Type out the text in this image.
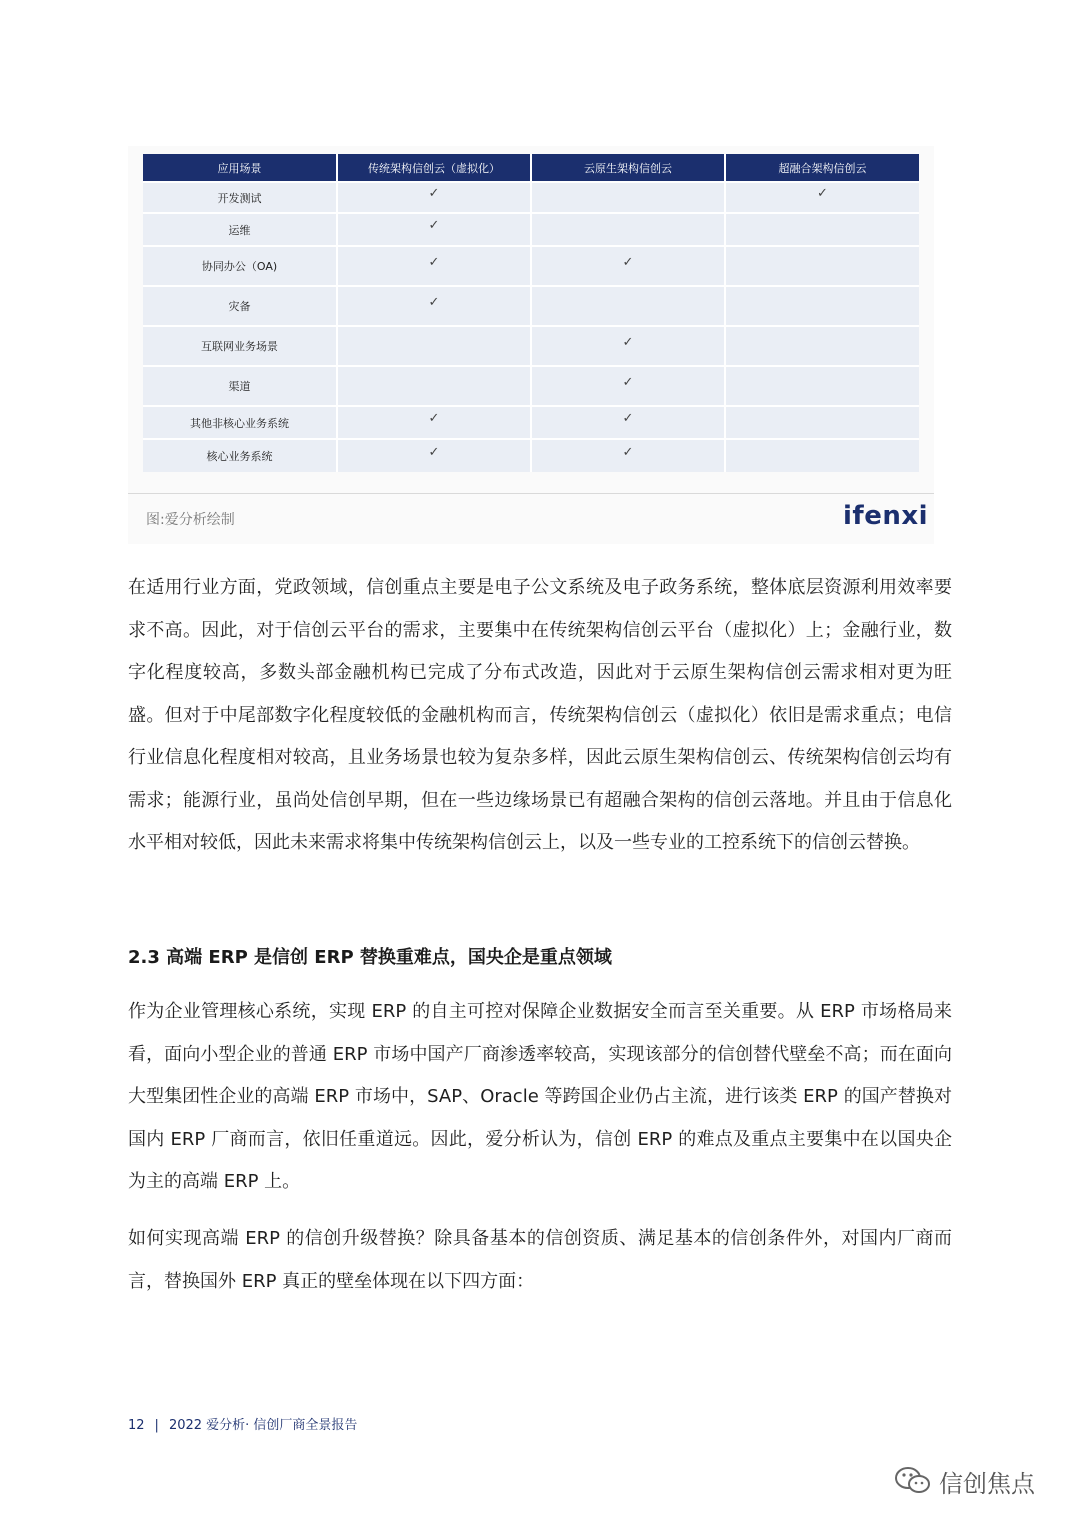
应用场景	传统架构信创云（虚拟化）	云原生架构信创云	超融合架构信创云
开发测试	✓		✓
运维	✓		
协同办公（OA)	✓	✓	
灾备	✓		
互联网业务场景		✓	
渠道		✓	
其他非核心业务系统	✓	✓	
核心业务系统	✓	✓	
图:爱分析绘制	ifenxi

在适用行业方面，党政领域，信创重点主要是电子公文系统及电子政务系统，整体底层资源利用效率要求不高。因此，对于信创云平台的需求，主要集中在传统架构信创云平台（虚拟化）上；金融行业，数字化程度较高，多数头部金融机构已完成了分布式改造，因此对于云原生架构信创云需求相对更为旺盛。但对于中尾部数字化程度较低的金融机构而言，传统架构信创云（虚拟化）依旧是需求重点；电信行业信息化程度相对较高，且业务场景也较为复杂多样，因此云原生架构信创云、传统架构信创云均有需求；能源行业，虽尚处信创早期，但在一些边缘场景已有超融合架构的信创云落地。并且由于信息化水平相对较低，因此未来需求将集中传统架构信创云上，以及一些专业的工控系统下的信创云替换。

2.3 高端 ERP 是信创 ERP 替换重难点，国央企是重点领域

作为企业管理核心系统，实现 ERP 的自主可控对保障企业数据安全而言至关重要。从 ERP 市场格局来看，面向小型企业的普通 ERP 市场中国产厂商渗透率较高，实现该部分的信创替代壁垒不高；而在面向大型集团性企业的高端 ERP 市场中，SAP、Oracle 等跨国企业仍占主流，进行该类 ERP 的国产替换对国内 ERP 厂商而言，依旧任重道远。因此，爱分析认为，信创 ERP 的难点及重点主要集中在以国央企为主的高端 ERP 上。

如何实现高端 ERP 的信创升级替换？除具备基本的信创资质、满足基本的信创条件外，对国内厂商而言，替换国外 ERP 真正的壁垒体现在以下四方面：

12 | 2022 爱分析· 信创厂商全景报告
信创焦点
